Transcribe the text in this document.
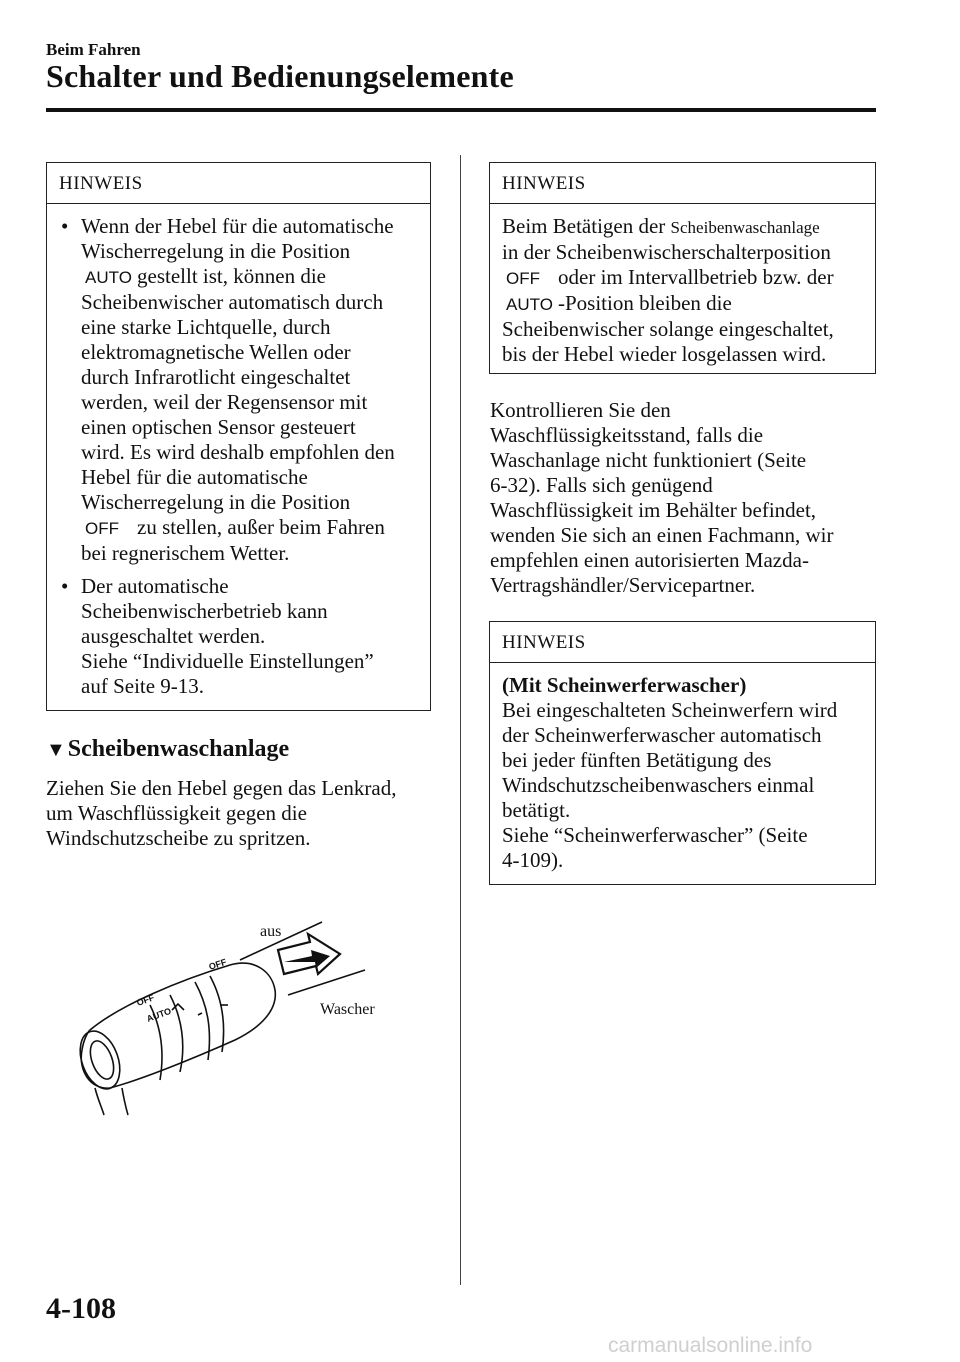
Beim Fahren
Schalter und Bedienungselemente
HINWEIS
• Wenn der Hebel für die automatische
Wischerregelung in die Position
AUTO gestellt ist, können die
Scheibenwischer automatisch durch
eine starke Lichtquelle, durch
elektromagnetische Wellen oder
durch Infrarotlicht eingeschaltet
werden, weil der Regensensor mit
einen optischen Sensor gesteuert
wird. Es wird deshalb empfohlen den
Hebel für die automatische
Wischerregelung in die Position
OFF zu stellen, außer beim Fahren
bei regnerischem Wetter.
• Der automatische
Scheibenwischerbetrieb kann
ausgeschaltet werden.
Siehe “Individuelle Einstellungen”
auf Seite 9-13.
▼Scheibenwaschanlage
Ziehen Sie den Hebel gegen das Lenkrad,
um Waschflüssigkeit gegen die
Windschutzscheibe zu spritzen.
OFF
AUTO
OFF
aus
Wascher
HINWEIS
Beim Betätigen der Scheibenwaschanlage
in der Scheibenwischerschalterposition
OFF oder im Intervallbetrieb bzw. der
AUTO -Position bleiben die
Scheibenwischer solange eingeschaltet,
bis der Hebel wieder losgelassen wird.
Kontrollieren Sie den
Waschflüssigkeitsstand, falls die
Waschanlage nicht funktioniert (Seite
6-32). Falls sich genügend
Waschflüssigkeit im Behälter befindet,
wenden Sie sich an einen Fachmann, wir
empfehlen einen autorisierten Mazda-
Vertragshändler/Servicepartner.
HINWEIS
(Mit Scheinwerferwascher)
Bei eingeschalteten Scheinwerfern wird
der Scheinwerferwascher automatisch
bei jeder fünften Betätigung des
Windschutzscheibenwaschers einmal
betätigt.
Siehe “Scheinwerferwascher” (Seite
4-109).
4-108
carmanualsonline.info
